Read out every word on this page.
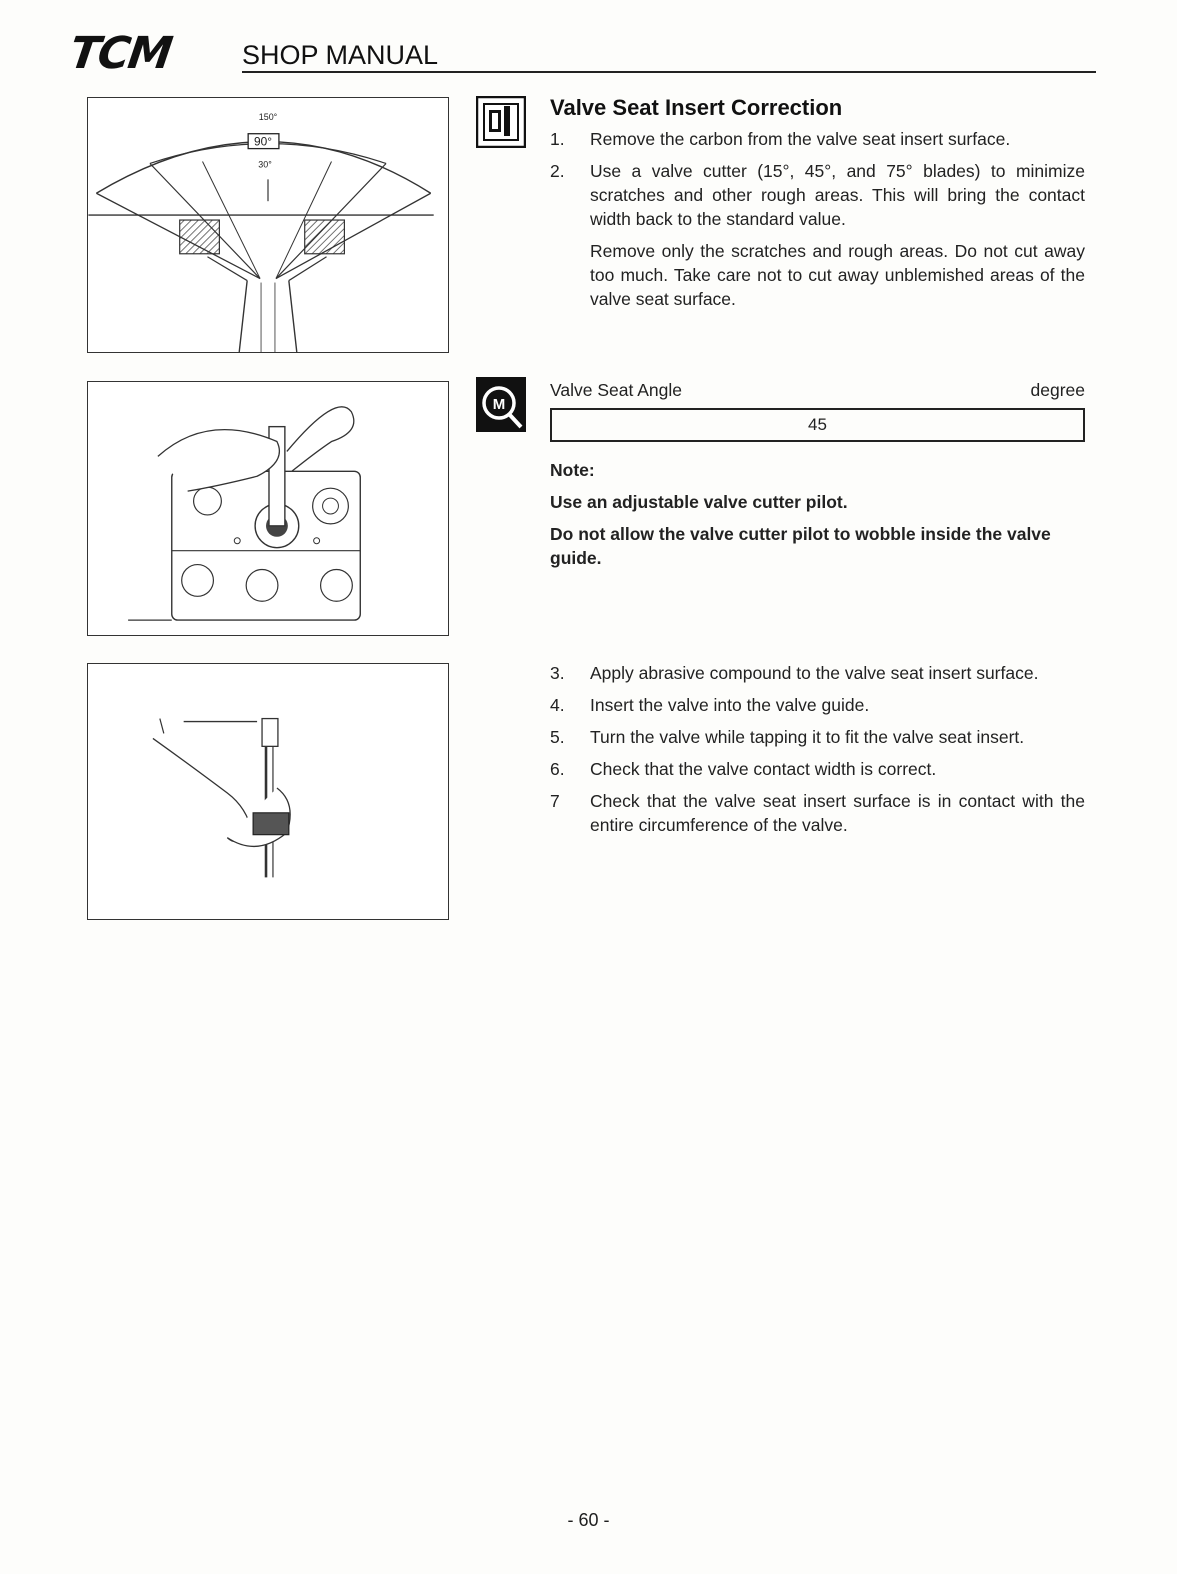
TCM	SHOP MANUAL
150°
90°
30°
M
Valve Seat Insert Correction
1.	Remove the carbon from the valve seat insert surface.
2.	Use a valve cutter (15°, 45°, and 75° blades) to minimize scratches and other rough areas. This will bring the contact width back to the standard value.
Remove only the scratches and rough areas. Do not cut away too much. Take care not to cut away unblemished areas of the valve seat surface.
Valve Seat Angle	degree
45
Note:
Use an adjustable valve cutter pilot.
Do not allow the valve cutter pilot to wobble inside the valve guide.
3.	Apply abrasive compound to the valve seat insert surface.
4.	Insert the valve into the valve guide.
5.	Turn the valve while tapping it to fit the valve seat insert.
6.	Check that the valve contact width is correct.
7	Check that the valve seat insert surface is in contact with the entire circumference of the valve.
- 60 -
